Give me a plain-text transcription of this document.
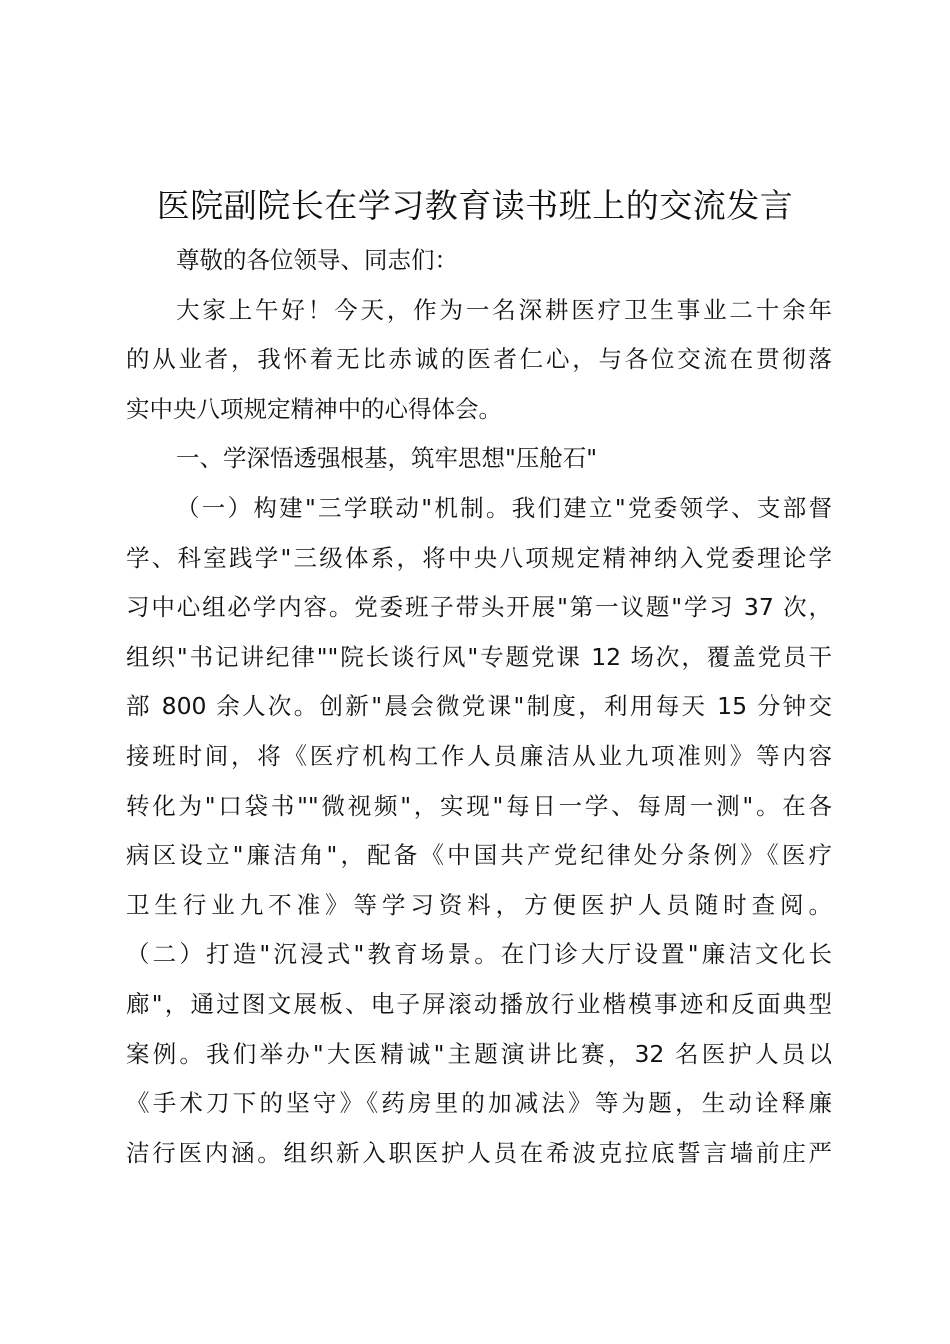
医院副院长在学习教育读书班上的交流发言
尊敬的各位领导、同志们：
大家上午好！今天，作为一名深耕医疗卫生事业二十余年
的从业者，我怀着无比赤诚的医者仁心，与各位交流在贯彻落
实中央八项规定精神中的心得体会。
一、学深悟透强根基，筑牢思想"压舱石"
（一）构建"三学联动"机制。我们建立"党委领学、支部督
学、科室践学"三级体系，将中央八项规定精神纳入党委理论学
习中心组必学内容。党委班子带头开展"第一议题"学习 37 次，
组织"书记讲纪律""院长谈行风"专题党课 12 场次，覆盖党员干
部 800 余人次。创新"晨会微党课"制度，利用每天 15 分钟交
接班时间，将《医疗机构工作人员廉洁从业九项准则》等内容
转化为"口袋书""微视频"，实现"每日一学、每周一测"。在各
病区设立"廉洁角"，配备《中国共产党纪律处分条例》《医疗
卫生行业九不准》等学习资料，方便医护人员随时查阅。
（二）打造"沉浸式"教育场景。在门诊大厅设置"廉洁文化长
廊"，通过图文展板、电子屏滚动播放行业楷模事迹和反面典型
案例。我们举办"大医精诚"主题演讲比赛，32 名医护人员以
《手术刀下的坚守》《药房里的加减法》等为题，生动诠释廉
洁行医内涵。组织新入职医护人员在希波克拉底誓言墙前庄严
